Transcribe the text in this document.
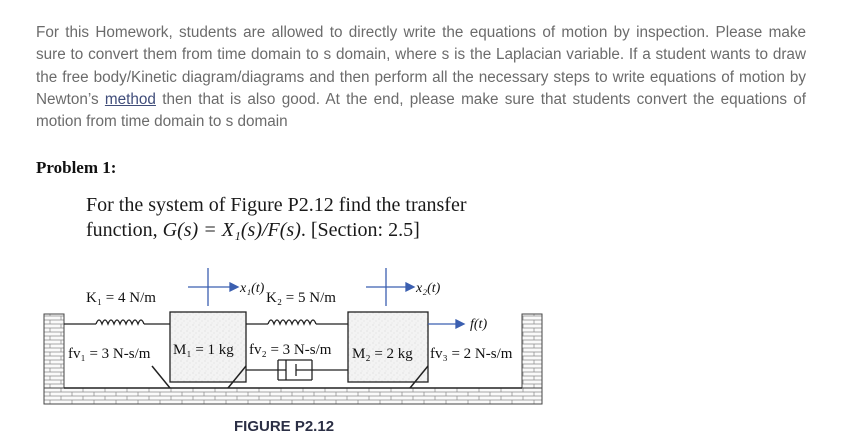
For this Homework, students are allowed to directly write the equations of motion by inspection. Please make sure to convert them from time domain to s domain, where s is the Laplacian variable. If a student wants to draw the free body/Kinetic diagram/diagrams and then perform all the necessary steps to write equations of motion by Newton’s method then that is also good. At the end, please make sure that students convert the equations of motion from time domain to s domain

Problem 1:
For the system of Figure P2.12 find the transfer
function, G(s) = X₁(s)/F(s). [Section: 2.5]
x₁(t)	x₂(t)
K₁ = 4 N/m	K₂ = 5 N/m
f(t)
fv₁ = 3 N-s/m M₁ = 1 kg fv₂ = 3 N-s/m M₂ = 2 kg fv₃ = 2 N-s/m
FIGURE P2.12
